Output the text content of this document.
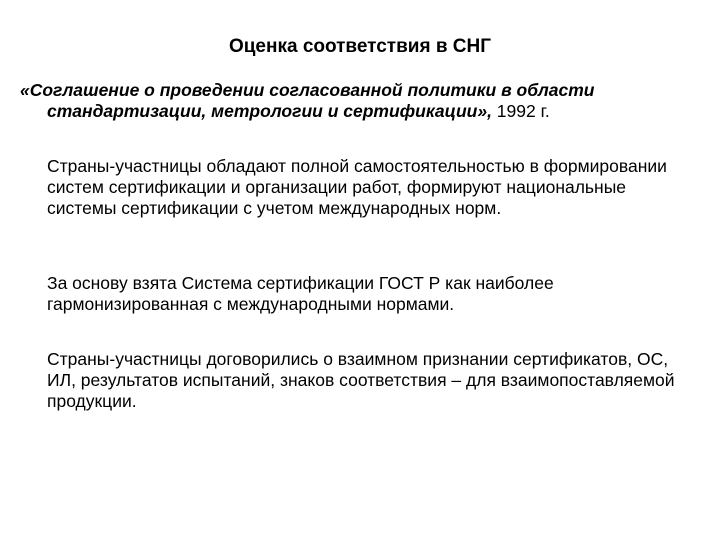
Оценка соответствия в СНГ

«Соглашение о проведении согласованной политики в области стандартизации, метрологии и сертификации», 1992 г.

Страны-участницы обладают полной самостоятельностью в формировании систем сертификации и организации работ, формируют национальные системы сертификации с учетом международных норм.

За основу взята Система сертификации ГОСТ Р как наиболее гармонизированная с международными нормами.

Страны-участницы договорились о взаимном признании сертификатов, ОС, ИЛ, результатов испытаний, знаков соответствия – для взаимопоставляемой продукции.
